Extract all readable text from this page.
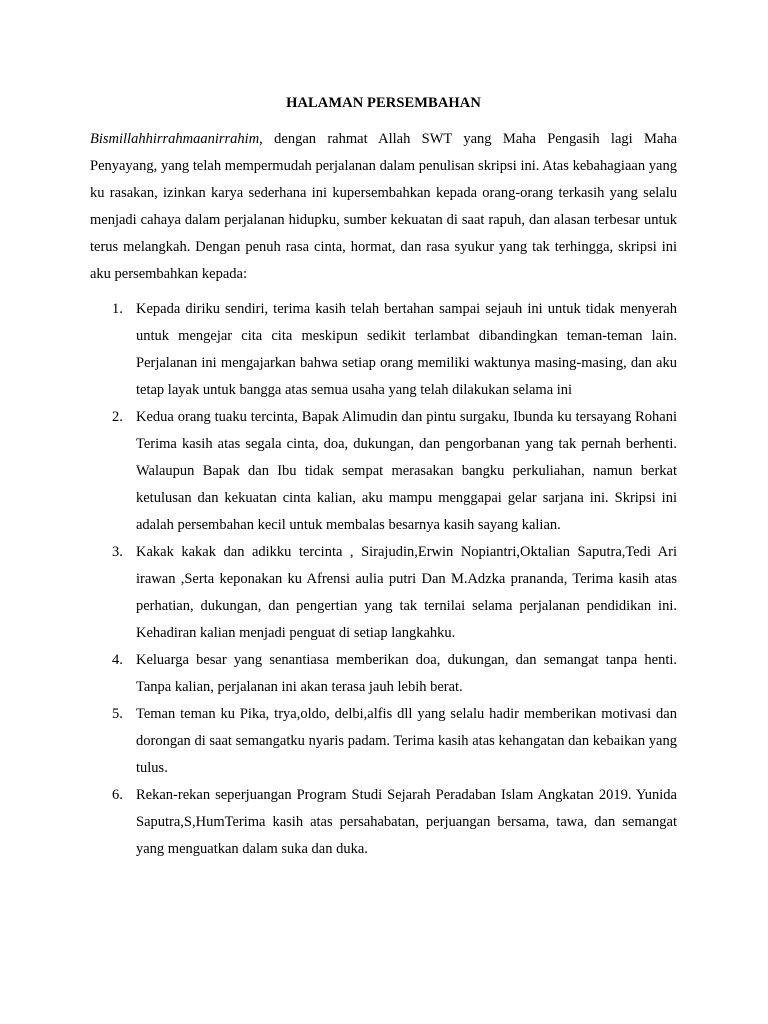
HALAMAN PERSEMBAHAN

Bismillahhirrahmaanirrahim, dengan rahmat Allah SWT yang Maha Pengasih lagi Maha Penyayang, yang telah mempermudah perjalanan dalam penulisan skripsi ini. Atas kebahagiaan yang ku rasakan, izinkan karya sederhana ini kupersembahkan kepada orang-orang terkasih yang selalu menjadi cahaya dalam perjalanan hidupku, sumber kekuatan di saat rapuh, dan alasan terbesar untuk terus melangkah. Dengan penuh rasa cinta, hormat, dan rasa syukur yang tak terhingga, skripsi ini aku persembahkan kepada:

1. Kepada diriku sendiri, terima kasih telah bertahan sampai sejauh ini untuk tidak menyerah untuk mengejar cita cita meskipun sedikit terlambat dibandingkan teman-teman lain. Perjalanan ini mengajarkan bahwa setiap orang memiliki waktunya masing-masing, dan aku tetap layak untuk bangga atas semua usaha yang telah dilakukan selama ini
2. Kedua orang tuaku tercinta, Bapak Alimudin dan pintu surgaku, Ibunda ku tersayang Rohani Terima kasih atas segala cinta, doa, dukungan, dan pengorbanan yang tak pernah berhenti. Walaupun Bapak dan Ibu tidak sempat merasakan bangku perkuliahan, namun berkat ketulusan dan kekuatan cinta kalian, aku mampu menggapai gelar sarjana ini. Skripsi ini adalah persembahan kecil untuk membalas besarnya kasih sayang kalian.
3. Kakak kakak dan adikku tercinta , Sirajudin,Erwin Nopiantri,Oktalian Saputra,Tedi Ari irawan ,Serta keponakan ku Afrensi aulia putri Dan M.Adzka prananda, Terima kasih atas perhatian, dukungan, dan pengertian yang tak ternilai selama perjalanan pendidikan ini. Kehadiran kalian menjadi penguat di setiap langkahku.
4. Keluarga besar yang senantiasa memberikan doa, dukungan, dan semangat tanpa henti. Tanpa kalian, perjalanan ini akan terasa jauh lebih berat.
5. Teman teman ku Pika, trya,oldo, delbi,alfis dll yang selalu hadir memberikan motivasi dan dorongan di saat semangatku nyaris padam. Terima kasih atas kehangatan dan kebaikan yang tulus.
6. Rekan-rekan seperjuangan Program Studi Sejarah Peradaban Islam Angkatan 2019. Yunida Saputra,S,HumTerima kasih atas persahabatan, perjuangan bersama, tawa, dan semangat yang menguatkan dalam suka dan duka.
